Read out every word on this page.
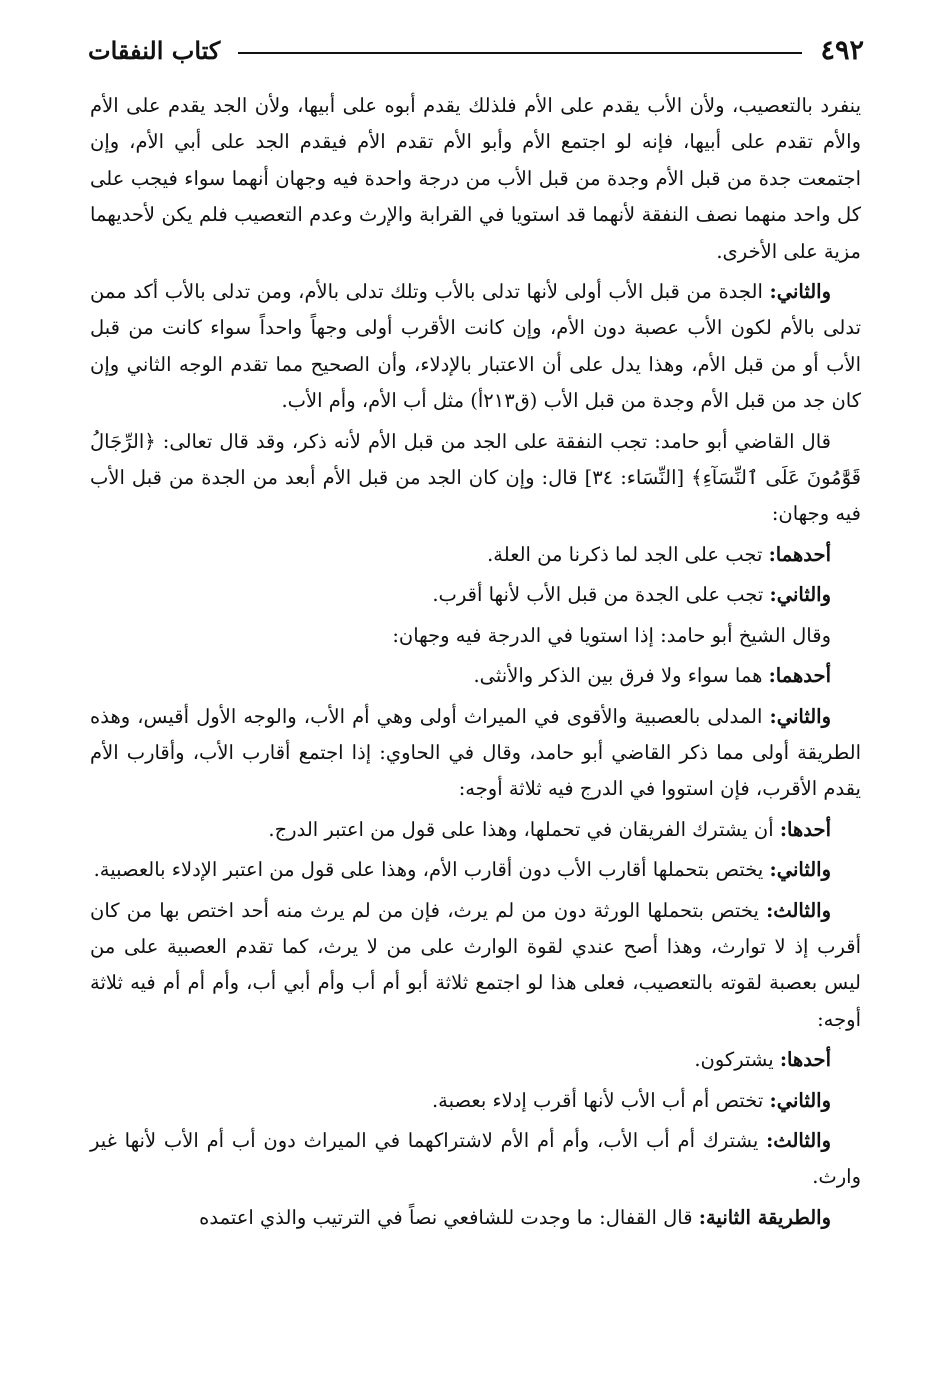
٤٩٢
كتاب النفقات

ينفرد بالتعصيب، ولأن الأب يقدم على الأم فلذلك يقدم أبوه على أبيها، ولأن الجد يقدم على الأم والأم تقدم على أبيها، فإنه لو اجتمع الأم وأبو الأم تقدم الأم فيقدم الجد على أبي الأم، وإن اجتمعت جدة من قبل الأم وجدة من قبل الأب من درجة واحدة فيه وجهان أنهما سواء فيجب على كل واحد منهما نصف النفقة لأنهما قد استويا في القرابة والإرث وعدم التعصيب فلم يكن لأحديهما مزية على الأخرى.

والثاني: الجدة من قبل الأب أولى لأنها تدلى بالأب وتلك تدلى بالأم، ومن تدلى بالأب أكد ممن تدلى بالأم لكون الأب عصبة دون الأم، وإن كانت الأقرب أولى وجهاً واحداً سواء كانت من قبل الأب أو من قبل الأم، وهذا يدل على أن الاعتبار بالإدلاء، وأن الصحيح مما تقدم الوجه الثاني وإن كان جد من قبل الأم وجدة من قبل الأب (ق٢١٣أ) مثل أب الأم، وأم الأب.

قال القاضي أبو حامد: تجب النفقة على الجد من قبل الأم لأنه ذكر، وقد قال تعالى: ﴿الرِّجَالُ قَوَّٰمُونَ عَلَى ٱلنِّسَآءِ﴾ [النِّسَاء: ٣٤] قال: وإن كان الجد من قبل الأم أبعد من الجدة من قبل الأب فيه وجهان:

أحدهما: تجب على الجد لما ذكرنا من العلة.

والثاني: تجب على الجدة من قبل الأب لأنها أقرب.

وقال الشيخ أبو حامد: إذا استويا في الدرجة فيه وجهان:

أحدهما: هما سواء ولا فرق بين الذكر والأنثى.

والثاني: المدلى بالعصبية والأقوى في الميراث أولى وهي أم الأب، والوجه الأول أقيس، وهذه الطريقة أولى مما ذكر القاضي أبو حامد، وقال في الحاوي: إذا اجتمع أقارب الأب، وأقارب الأم يقدم الأقرب، فإن استووا في الدرج فيه ثلاثة أوجه:

أحدها: أن يشترك الفريقان في تحملها، وهذا على قول من اعتبر الدرج.

والثاني: يختص بتحملها أقارب الأب دون أقارب الأم، وهذا على قول من اعتبر الإدلاء بالعصبية.

والثالث: يختص بتحملها الورثة دون من لم يرث، فإن من لم يرث منه أحد اختص بها من كان أقرب إذ لا توارث، وهذا أصح عندي لقوة الوارث على من لا يرث، كما تقدم العصبية على من ليس بعصبة لقوته بالتعصيب، فعلى هذا لو اجتمع ثلاثة أبو أم أب وأم أبي أب، وأم أم أم فيه ثلاثة أوجه:

أحدها: يشتركون.

والثاني: تختص أم أب الأب لأنها أقرب إدلاء بعصبة.

والثالث: يشترك أم أب الأب، وأم أم الأم لاشتراكهما في الميراث دون أب أم الأب لأنها غير وارث.

والطريقة الثانية: قال القفال: ما وجدت للشافعي نصاً في الترتيب والذي اعتمده
